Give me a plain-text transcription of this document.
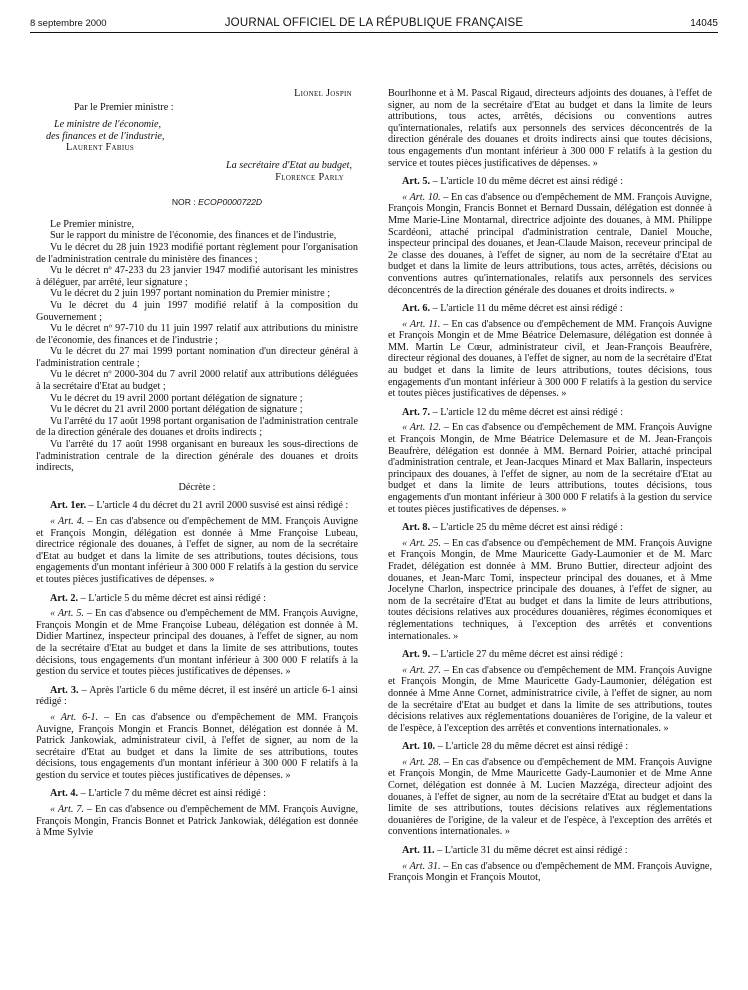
8 septembre 2000	JOURNAL OFFICIEL DE LA RÉPUBLIQUE FRANÇAISE	14045
Lionel Jospin
Par le Premier ministre :
Le ministre de l'économie,
des finances et de l'industrie,
Laurent Fabius
La secrétaire d'Etat au budget,
Florence Parly
NOR : ECOP0000722D

Le Premier ministre,

Sur le rapport du ministre de l'économie, des finances et de l'industrie,

Vu le décret du 28 juin 1923 modifié portant règlement pour l'organisation de l'administration centrale du ministère des finances ;

Vu le décret nº 47-233 du 23 janvier 1947 modifié autorisant les ministres à déléguer, par arrêté, leur signature ;

Vu le décret du 2 juin 1997 portant nomination du Premier ministre ;

Vu le décret du 4 juin 1997 modifié relatif à la composition du Gouvernement ;

Vu le décret nº 97-710 du 11 juin 1997 relatif aux attributions du ministre de l'économie, des finances et de l'industrie ;

Vu le décret du 27 mai 1999 portant nomination d'un directeur général à l'administration centrale ;

Vu le décret nº 2000-304 du 7 avril 2000 relatif aux attributions déléguées à la secrétaire d'Etat au budget ;

Vu le décret du 19 avril 2000 portant délégation de signature ;

Vu le décret du 21 avril 2000 portant délégation de signature ;

Vu l'arrêté du 17 août 1998 portant organisation de l'administration centrale de la direction générale des douanes et droits indirects ;

Vu l'arrêté du 17 août 1998 organisant en bureaux les sous-directions de l'administration centrale de la direction générale des douanes et droits indirects,

Décrète :

Art. 1er. – L'article 4 du décret du 21 avril 2000 susvisé est ainsi rédigé :

« Art. 4. – En cas d'absence ou d'empêchement de MM. François Auvigne et François Mongin, délégation est donnée à Mme Françoise Lubeau, directrice régionale des douanes, à l'effet de signer, au nom de la secrétaire d'Etat au budget et dans la limite de ses attributions, toutes décisions, tous engagements d'un montant inférieur à 300 000 F relatifs à la gestion du service et toutes pièces justificatives de dépenses. »

Art. 2. – L'article 5 du même décret est ainsi rédigé :

« Art. 5. – En cas d'absence ou d'empêchement de MM. François Auvigne, François Mongin et de Mme Françoise Lubeau, délégation est donnée à M. Didier Martinez, inspecteur principal des douanes, à l'effet de signer, au nom de la secrétaire d'Etat au budget et dans la limite de ses attributions, toutes décisions, tous engagements d'un montant inférieur à 300 000 F relatifs à la gestion du service et toutes pièces justificatives de dépenses. »

Art. 3. – Après l'article 6 du même décret, il est inséré un article 6-1 ainsi rédigé :

« Art. 6-1. – En cas d'absence ou d'empêchement de MM. François Auvigne, François Mongin et Francis Bonnet, délégation est donnée à M. Patrick Jankowiak, administrateur civil, à l'effet de signer, au nom de la secrétaire d'Etat au budget et dans la limite de ses attributions, toutes décisions, tous engagements d'un montant inférieur à 300 000 F relatifs à la gestion du service et toutes pièces justificatives de dépenses. »

Art. 4. – L'article 7 du même décret est ainsi rédigé :

« Art. 7. – En cas d'absence ou d'empêchement de MM. François Auvigne, François Mongin, Francis Bonnet et Patrick Jankowiak, délégation est donnée à Mme Sylvie

Bourlhonne et à M. Pascal Rigaud, directeurs adjoints des douanes, à l'effet de signer, au nom de la secrétaire d'Etat au budget et dans la limite de leurs attributions, tous actes, arrêtés, décisions ou conventions autres qu'internationales, relatifs aux personnels des services déconcentrés de la direction générale des douanes et droits indirects ainsi que toutes décisions, tous engagements d'un montant inférieur à 300 000 F relatifs à la gestion du service et toutes pièces justificatives de dépenses. »

Art. 5. – L'article 10 du même décret est ainsi rédigé :

« Art. 10. – En cas d'absence ou d'empêchement de MM. François Auvigne, François Mongin, Francis Bonnet et Bernard Dussain, délégation est donnée à Mme Marie-Line Montarnal, directrice adjointe des douanes, à MM. Philippe Scardéoni, attaché principal d'administration centrale, Daniel Mouche, inspecteur principal des douanes, et Jean-Claude Maison, receveur principal de 2e classe des douanes, à l'effet de signer, au nom de la secrétaire d'Etat au budget et dans la limite de leurs attributions, tous actes, arrêtés, décisions ou conventions autres qu'internationales, relatifs aux personnels des services déconcentrés de la direction générale des douanes et droits indirects. »

Art. 6. – L'article 11 du même décret est ainsi rédigé :

« Art. 11. – En cas d'absence ou d'empêchement de MM. François Auvigne et François Mongin et de Mme Béatrice Delemasure, délégation est donnée à MM. Martin Le Cœur, administrateur civil, et Jean-François Beaufrère, directeur régional des douanes, à l'effet de signer, au nom de la secrétaire d'Etat au budget et dans la limite de leurs attributions, toutes décisions, tous engagements d'un montant inférieur à 300 000 F relatifs à la gestion du service et toutes pièces justificatives de dépenses. »

Art. 7. – L'article 12 du même décret est ainsi rédigé :

« Art. 12. – En cas d'absence ou d'empêchement de MM. François Auvigne et François Mongin, de Mme Béatrice Delemasure et de M. Jean-François Beaufrère, délégation est donnée à MM. Bernard Poirier, attaché principal d'administration centrale, et Jean-Jacques Minard et Max Ballarin, inspecteurs principaux des douanes, à l'effet de signer, au nom de la secrétaire d'Etat au budget et dans la limite de leurs attributions, toutes décisions, tous engagements d'un montant inférieur à 300 000 F relatifs à la gestion du service et toutes pièces justificatives de dépenses. »

Art. 8. – L'article 25 du même décret est ainsi rédigé :

« Art. 25. – En cas d'absence ou d'empêchement de MM. François Auvigne et François Mongin, de Mme Mauricette Gady-Laumonier et de M. Marc Fradet, délégation est donnée à MM. Bruno Buttier, directeur adjoint des douanes, et Jean-Marc Tomi, inspecteur principal des douanes, et à Mme Jocelyne Charlon, inspectrice principale des douanes, à l'effet de signer, au nom de la secrétaire d'Etat au budget et dans la limite de leurs attributions, toutes décisions relatives aux procédures douanières, régimes économiques et réglementations techniques, à l'exception des arrêtés et conventions internationales. »

Art. 9. – L'article 27 du même décret est ainsi rédigé :

« Art. 27. – En cas d'absence ou d'empêchement de MM. François Auvigne et François Mongin, de Mme Mauricette Gady-Laumonier, délégation est donnée à Mme Anne Cornet, administratrice civile, à l'effet de signer, au nom de la secrétaire d'Etat au budget et dans la limite de ses attributions, toutes décisions relatives aux réglementations douanières de l'origine, de la valeur et de l'espèce, à l'exception des arrêtés et conventions internationales. »

Art. 10. – L'article 28 du même décret est ainsi rédigé :

« Art. 28. – En cas d'absence ou d'empêchement de MM. François Auvigne et François Mongin, de Mme Mauricette Gady-Laumonier et de Mme Anne Cornet, délégation est donnée à M. Lucien Mazzéga, directeur adjoint des douanes, à l'effet de signer, au nom de la secrétaire d'Etat au budget et dans la limite de ses attributions, toutes décisions relatives aux réglementations douanières de l'origine, de la valeur et de l'espèce, à l'exception des arrêtés et conventions internationales. »

Art. 11. – L'article 31 du même décret est ainsi rédigé :

« Art. 31. – En cas d'absence ou d'empêchement de MM. François Auvigne, François Mongin et François Moutot,
